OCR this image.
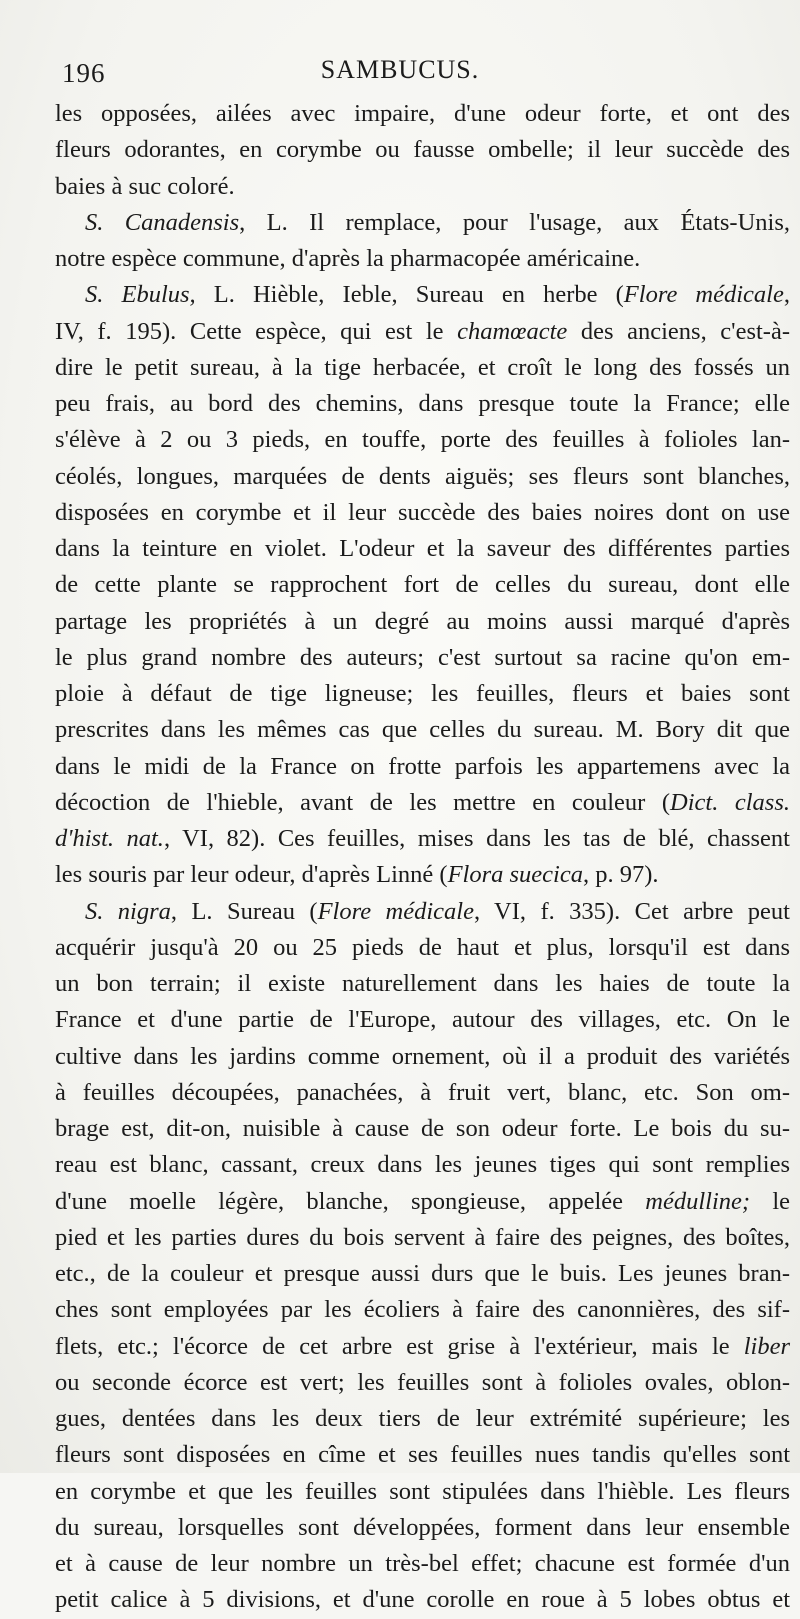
196	SAMBUCUS.
les opposées, ailées avec impaire, d'une odeur forte, et ont des
fleurs odorantes, en corymbe ou fausse ombelle; il leur succède des
baies à suc coloré.
S. Canadensis, L. Il remplace, pour l'usage, aux États-Unis,
notre espèce commune, d'après la pharmacopée américaine.
S. Ebulus, L. Hièble, Ieble, Sureau en herbe (Flore médicale,
IV, f. 195). Cette espèce, qui est le chamœacte des anciens, c'est-à-
dire le petit sureau, à la tige herbacée, et croît le long des fossés un
peu frais, au bord des chemins, dans presque toute la France; elle
s'élève à 2 ou 3 pieds, en touffe, porte des feuilles à folioles lan-
céolés, longues, marquées de dents aiguës; ses fleurs sont blanches,
disposées en corymbe et il leur succède des baies noires dont on use
dans la teinture en violet. L'odeur et la saveur des différentes parties
de cette plante se rapprochent fort de celles du sureau, dont elle
partage les propriétés à un degré au moins aussi marqué d'après
le plus grand nombre des auteurs; c'est surtout sa racine qu'on em-
ploie à défaut de tige ligneuse; les feuilles, fleurs et baies sont
prescrites dans les mêmes cas que celles du sureau. M. Bory dit que
dans le midi de la France on frotte parfois les appartemens avec la
décoction de l'hieble, avant de les mettre en couleur (Dict. class.
d'hist. nat., VI, 82). Ces feuilles, mises dans les tas de blé, chassent
les souris par leur odeur, d'après Linné (Flora suecica, p. 97).
S. nigra, L. Sureau (Flore médicale, VI, f. 335). Cet arbre peut
acquérir jusqu'à 20 ou 25 pieds de haut et plus, lorsqu'il est dans
un bon terrain; il existe naturellement dans les haies de toute la
France et d'une partie de l'Europe, autour des villages, etc. On le
cultive dans les jardins comme ornement, où il a produit des variétés
à feuilles découpées, panachées, à fruit vert, blanc, etc. Son om-
brage est, dit-on, nuisible à cause de son odeur forte. Le bois du su-
reau est blanc, cassant, creux dans les jeunes tiges qui sont remplies
d'une moelle légère, blanche, spongieuse, appelée médulline; le
pied et les parties dures du bois servent à faire des peignes, des boîtes,
etc., de la couleur et presque aussi durs que le buis. Les jeunes bran-
ches sont employées par les écoliers à faire des canonnières, des sif-
flets, etc.; l'écorce de cet arbre est grise à l'extérieur, mais le liber
ou seconde écorce est vert; les feuilles sont à folioles ovales, oblon-
gues, dentées dans les deux tiers de leur extrémité supérieure; les
fleurs sont disposées en cîme et ses feuilles nues tandis qu'elles sont
en corymbe et que les feuilles sont stipulées dans l'hièble. Les fleurs
du sureau, lorsquelles sont développées, forment dans leur ensemble
et à cause de leur nombre un très-bel effet; chacune est formée d'un
petit calice à 5 divisions, et d'une corolle en roue à 5 lobes obtus et
